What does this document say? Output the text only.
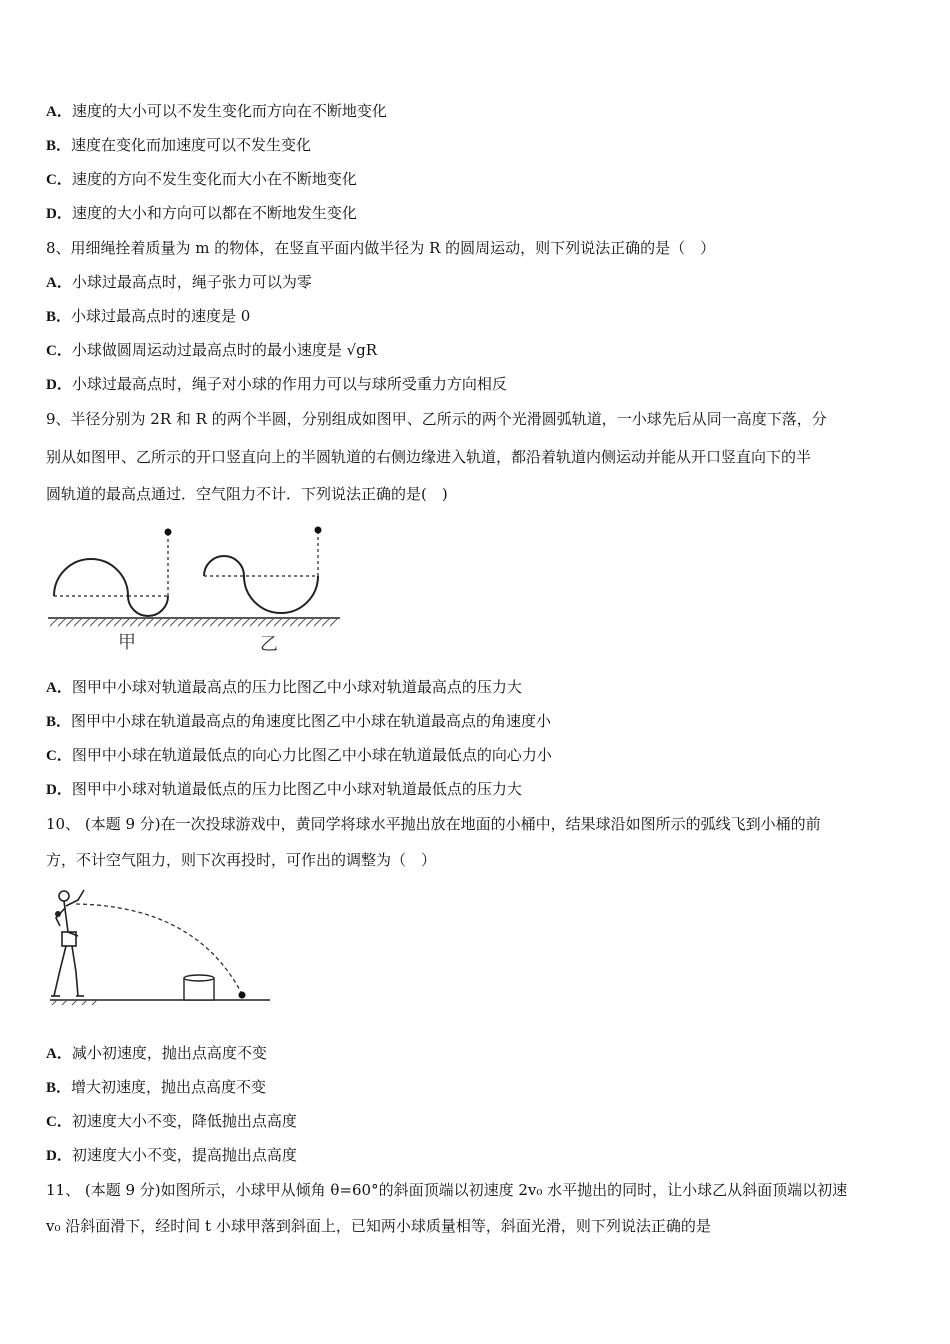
A．速度的大小可以不发生变化而方向在不断地变化
B．速度在变化而加速度可以不发生变化
C．速度的方向不发生变化而大小在不断地变化
D．速度的大小和方向可以都在不断地发生变化
8、用细绳拴着质量为 m 的物体，在竖直平面内做半径为 R 的圆周运动，则下列说法正确的是（　）
A．小球过最高点时，绳子张力可以为零
B．小球过最高点时的速度是 0
C．小球做圆周运动过最高点时的最小速度是 √gR
D．小球过最高点时，绳子对小球的作用力可以与球所受重力方向相反
9、半径分别为 2R 和 R 的两个半圆，分别组成如图甲、乙所示的两个光滑圆弧轨道，一小球先后从同一高度下落，分
别从如图甲、乙所示的开口竖直向上的半圆轨道的右侧边缘进入轨道，都沿着轨道内侧运动并能从开口竖直向下的半
圆轨道的最高点通过．空气阻力不计．下列说法正确的是(　)
甲	乙
A．图甲中小球对轨道最高点的压力比图乙中小球对轨道最高点的压力大
B．图甲中小球在轨道最高点的角速度比图乙中小球在轨道最高点的角速度小
C．图甲中小球在轨道最低点的向心力比图乙中小球在轨道最低点的向心力小
D．图甲中小球对轨道最低点的压力比图乙中小球对轨道最低点的压力大
10、 (本题 9 分)在一次投球游戏中，黄同学将球水平抛出放在地面的小桶中，结果球沿如图所示的弧线飞到小桶的前
方，不计空气阻力，则下次再投时，可作出的调整为（　）
A．减小初速度，抛出点高度不变
B．增大初速度，抛出点高度不变
C．初速度大小不变，降低抛出点高度
D．初速度大小不变，提高抛出点高度
11、 (本题 9 分)如图所示，小球甲从倾角 θ=60°的斜面顶端以初速度 2v₀ 水平抛出的同时，让小球乙从斜面顶端以初速
v₀ 沿斜面滑下，经时间 t 小球甲落到斜面上，已知两小球质量相等，斜面光滑，则下列说法正确的是
